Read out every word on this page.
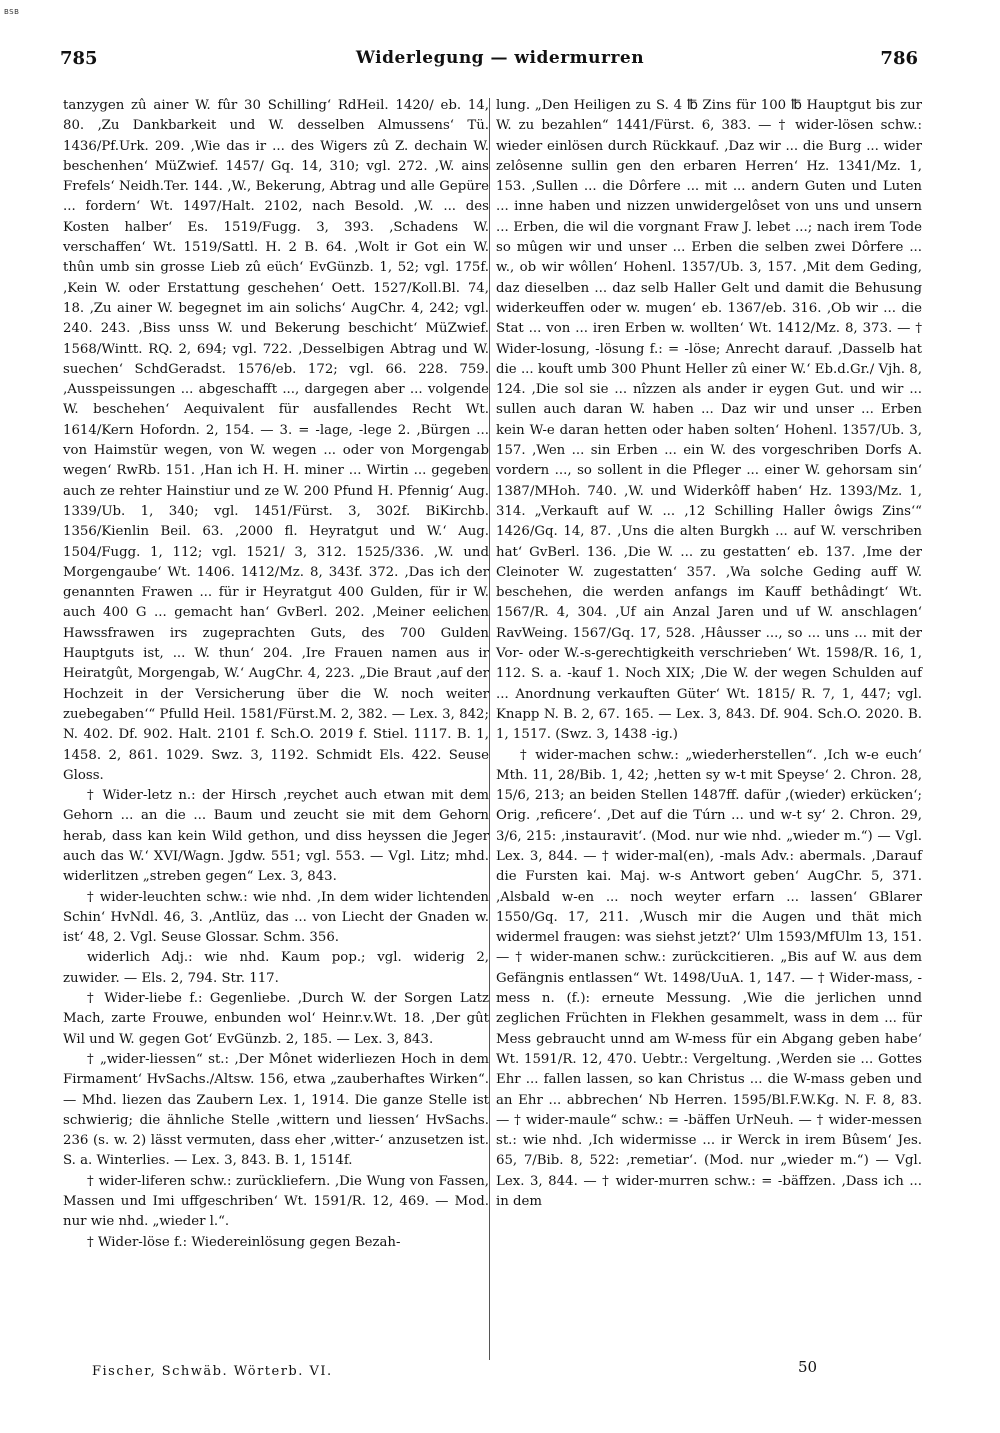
BSB
785	Widerlegung — widermurren	786

tanzygen zû ainer W. fûr 30 Schilling‘ RdHeil. 1420/ eb. 14, 80. ‚Zu Dankbarkeit und W. desselben Almussens‘ Tü. 1436/Pf.Urk. 209. ‚Wie das ir ... des Wigers zû Z. dechain W. beschenhen‘ MüZwief. 1457/ Gq. 14, 310; vgl. 272. ‚W. ains Frefels‘ Neidh.Ter. 144. ‚W., Bekerung, Abtrag und alle Gepüre ... fordern‘ Wt. 1497/Halt. 2102, nach Besold. ‚W. ... des Kosten halber‘ Es. 1519/Fugg. 3, 393. ‚Schadens W. verschaffen‘ Wt. 1519/Sattl. H. 2 B. 64. ‚Wolt ir Got ein W. thûn umb sin grosse Lieb zû eüch‘ EvGünzb. 1, 52; vgl. 175f. ‚Kein W. oder Erstattung geschehen‘ Oett. 1527/Koll.Bl. 74, 18. ‚Zu ainer W. begegnet im ain solichs‘ AugChr. 4, 242; vgl. 240. 243. ‚Biss unss W. und Bekerung beschicht‘ MüZwief. 1568/Wintt. RQ. 2, 694; vgl. 722. ‚Desselbigen Abtrag und W. suechen‘ SchdGeradst. 1576/eb. 172; vgl. 66. 228. 759. ‚Ausspeissungen ... abgeschafft ..., dargegen aber ... volgende W. beschehen‘ Aequivalent für ausfallendes Recht Wt. 1614/Kern Hofordn. 2, 154. — 3. = -lage, -lege 2. ‚Bürgen ... von Haimstür wegen, von W. wegen ... oder von Morgengab wegen‘ RwRb. 151. ‚Han ich H. H. miner ... Wirtin ... gegeben auch ze rehter Hainstiur und ze W. 200 Pfund H. Pfennig‘ Aug. 1339/Ub. 1, 340; vgl. 1451/Fürst. 3, 302f. BiKirchb. 1356/Kienlin Beil. 63. ‚2000 fl. Heyratgut und W.‘ Aug. 1504/Fugg. 1, 112; vgl. 1521/ 3, 312. 1525/336. ‚W. und Morgengaube‘ Wt. 1406. 1412/Mz. 8, 343f. 372. ‚Das ich der genannten Frawen ... für ir Heyratgut 400 Gulden, für ir W. auch 400 G ... gemacht han‘ GvBerl. 202. ‚Meiner eelichen Hawssfrawen irs zugeprachten Guts, des 700 Gulden Hauptguts ist, ... W. thun‘ 204. ‚Ire Frauen namen aus ir Heiratgût, Morgengab, W.‘ AugChr. 4, 223. „Die Braut ‚auf der Hochzeit in der Versicherung über die W. noch weiter zuebegaben‘“ Pfulld Heil. 1581/Fürst.M. 2, 382. — Lex. 3, 842; N. 402. Df. 902. Halt. 2101 f. Sch.O. 2019 f. Stiel. 1117. B. 1, 1458. 2, 861. 1029. Swz. 3, 1192. Schmidt Els. 422. Seuse Gloss.

† Wider-letz n.: der Hirsch ‚reychet auch etwan mit dem Gehorn ... an die ... Baum und zeucht sie mit dem Gehorn herab, dass kan kein Wild gethon, und diss heyssen die Jeger auch das W.‘ XVI/Wagn. Jgdw. 551; vgl. 553. — Vgl. Litz; mhd. widerlitzen „streben gegen“ Lex. 3, 843.

† wider-leuchten schw.: wie nhd. ‚In dem wider lichtenden Schin‘ HvNdl. 46, 3. ‚Antlüz, das ... von Liecht der Gnaden w. ist‘ 48, 2. Vgl. Seuse Glossar. Schm. 356.

widerlich Adj.: wie nhd. Kaum pop.; vgl. widerig 2, zuwider. — Els. 2, 794. Str. 117.

† Wider-liebe f.: Gegenliebe. ‚Durch W. der Sorgen Latz Mach, zarte Frouwe, enbunden wol‘ Heinr.v.Wt. 18. ‚Der gût Wil und W. gegen Got‘ EvGünzb. 2, 185. — Lex. 3, 843.

† „wider-liessen“ st.: ‚Der Mônet widerliezen Hoch in dem Firmament‘ HvSachs./Altsw. 156, etwa „zauberhaftes Wirken“. — Mhd. liezen das Zaubern Lex. 1, 1914. Die ganze Stelle ist schwierig; die ähnliche Stelle ‚wittern und liessen‘ HvSachs. 236 (s. w. 2) lässt vermuten, dass eher ‚witter-‘ anzusetzen ist. S. a. Winterlies. — Lex. 3, 843. B. 1, 1514f.

† wider-liferen schw.: zurückliefern. ‚Die Wung von Fassen, Massen und Imi uffgeschriben‘ Wt. 1591/R. 12, 469. — Mod. nur wie nhd. „wieder l.“.

† Wider-löse f.: Wiedereinlösung gegen Bezah-

lung. „Den Heiligen zu S. 4 ℔ Zins für 100 ℔ Hauptgut bis zur W. zu bezahlen“ 1441/Fürst. 6, 383. — † wider-lösen schw.: wieder einlösen durch Rückkauf. ‚Daz wir ... die Burg ... wider zelôsenne sullin gen den erbaren Herren‘ Hz. 1341/Mz. 1, 153. ‚Sullen ... die Dôrfere ... mit ... andern Guten und Luten ... inne haben und nizzen unwidergelôset von uns und unsern ... Erben, die wil die vorgnant Fraw J. lebet ...; nach irem Tode so mûgen wir und unser ... Erben die selben zwei Dôrfere ... w., ob wir wôllen‘ Hohenl. 1357/Ub. 3, 157. ‚Mit dem Geding, daz dieselben ... daz selb Haller Gelt und damit die Behusung widerkeuffen oder w. mugen‘ eb. 1367/eb. 316. ‚Ob wir ... die Stat ... von ... iren Erben w. wollten‘ Wt. 1412/Mz. 8, 373. — † Wider-losung, -lösung f.: = -löse; Anrecht darauf. ‚Dasselb hat die ... kouft umb 300 Phunt Heller zû einer W.‘ Eb.d.Gr./ Vjh. 8, 124. ‚Die sol sie ... nîzzen als ander ir eygen Gut. und wir ... sullen auch daran W. haben ... Daz wir und unser ... Erben kein W-e daran hetten oder haben solten‘ Hohenl. 1357/Ub. 3, 157. ‚Wen ... sin Erben ... ein W. des vorgeschriben Dorfs A. vordern ..., so sollent in die Pfleger ... einer W. gehorsam sin‘ 1387/MHoh. 740. ‚W. und Widerkôff haben‘ Hz. 1393/Mz. 1, 314. „Verkauft auf W. ... ‚12 Schilling Haller ôwigs Zins‘“ 1426/Gq. 14, 87. ‚Uns die alten Burgkh ... auf W. verschriben hat‘ GvBerl. 136. ‚Die W. ... zu gestatten‘ eb. 137. ‚Ime der Cleinoter W. zugestatten‘ 357. ‚Wa solche Geding auff W. beschehen, die werden anfangs im Kauff bethâdingt‘ Wt. 1567/R. 4, 304. ‚Uf ain Anzal Jaren und uf W. anschlagen‘ RavWeing. 1567/Gq. 17, 528. ‚Hâusser ..., so ... uns ... mit der Vor- oder W.-s-gerechtigkeith verschrieben‘ Wt. 1598/R. 16, 1, 112. S. a. -kauf 1. Noch XIX; ‚Die W. der wegen Schulden auf ... Anordnung verkauften Güter‘ Wt. 1815/ R. 7, 1, 447; vgl. Knapp N. B. 2, 67. 165. — Lex. 3, 843. Df. 904. Sch.O. 2020. B. 1, 1517. (Swz. 3, 1438 -ig.)

† wider-machen schw.: „wiederherstellen“. ‚Ich w-e euch‘ Mth. 11, 28/Bib. 1, 42; ‚hetten sy w-t mit Speyse‘ 2. Chron. 28, 15/6, 213; an beiden Stellen 1487ff. dafür ‚(wieder) erkücken‘; Orig. ‚reficere‘. ‚Det auf die Túrn ... und w-t sy‘ 2. Chron. 29, 3/6, 215: ‚instauravit‘. (Mod. nur wie nhd. „wieder m.“) — Vgl. Lex. 3, 844. — † wider-mal(en), -mals Adv.: abermals. ‚Darauf die Fursten kai. Maj. w-s Antwort geben‘ AugChr. 5, 371. ‚Alsbald w-en ... noch weyter erfarn ... lassen‘ GBlarer 1550/Gq. 17, 211. ‚Wusch mir die Augen und thät mich widermel fraugen: was siehst jetzt?‘ Ulm 1593/MfUlm 13, 151. — † wider-manen schw.: zurückcitieren. „Bis auf W. aus dem Gefängnis entlassen“ Wt. 1498/UuA. 1, 147. — † Wider-mass, -mess n. (f.): erneute Messung. ‚Wie die jerlichen unnd zeglichen Früchten in Flekhen gesammelt, wass in dem ... für Mess gebraucht unnd am W-mess für ein Abgang geben habe‘ Wt. 1591/R. 12, 470. Uebtr.: Vergeltung. ‚Werden sie ... Gottes Ehr ... fallen lassen, so kan Christus ... die W-mass geben und an Ehr ... abbrechen‘ Nb Herren. 1595/Bl.F.W.Kg. N. F. 8, 83. — † wider-maule“ schw.: = -bäffen UrNeuh. — † wider-messen st.: wie nhd. ‚Ich widermisse ... ir Werck in irem Bûsem‘ Jes. 65, 7/Bib. 8, 522: ‚remetiar‘. (Mod. nur „wieder m.“) — Vgl. Lex. 3, 844. — † wider-murren schw.: = -bäffzen. ‚Dass ich ... in dem

Fischer, Schwäb. Wörterb. VI.	50
